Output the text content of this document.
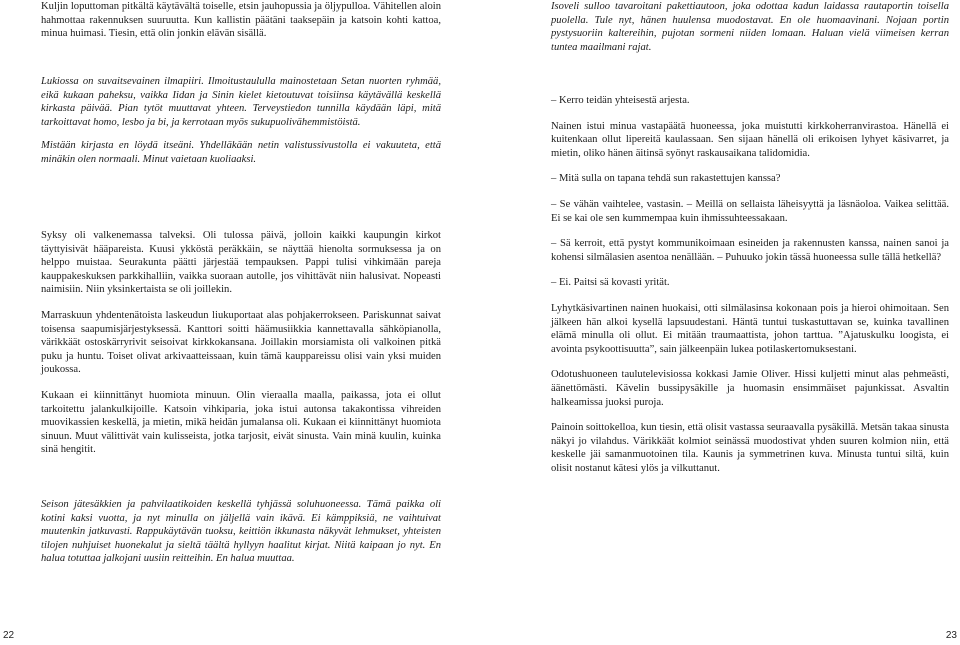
Kuljin loputtoman pitkältä käytävältä toiselle, etsin jauhopussia ja öljypulloa. Vähitellen aloin hahmottaa rakennuksen suuruutta. Kun kallistin päätäni taaksepäin ja katsoin kohti kattoa, minua huimasi. Tiesin, että olin jonkin elävän sisällä.

Lukiossa on suvaitsevainen ilmapiiri. Ilmoitustaululla mainostetaan Setan nuorten ryhmää, eikä kukaan paheksu, vaikka Iidan ja Sinin kielet kietoutuvat toisiinsa käytävällä keskellä kirkasta päivää. Pian tytöt muuttavat yhteen. Terveystiedon tunnilla käydään läpi, mitä tarkoittavat homo, lesbo ja bi, ja kerrotaan myös sukupuolivähemmistöistä.

Mistään kirjasta en löydä itseäni. Yhdelläkään netin valistussivustolla ei vakuuteta, että minäkin olen normaali. Minut vaietaan kuoliaaksi.

Syksy oli valkenemassa talveksi. Oli tulossa päivä, jolloin kaikki kaupungin kirkot täyttyisivät hääpareista. Kuusi ykköstä peräkkäin, se näyttää hienolta sormuksessa ja on helppo muistaa. Seurakunta päätti järjestää tempauksen. Pappi tulisi vihkimään pareja kauppakeskuksen parkkihalliin, vaikka suoraan autolle, jos vihittävät niin halusivat. Nopeasti naimisiin. Niin yksinkertaista se oli joillekin.

Marraskuun yhdentenätoista laskeudun liukuportaat alas pohjakerrokseen. Pariskunnat saivat toisensa saapumisjärjestyksessä. Kanttori soitti häämusiikkia kannettavalla sähköpianolla, värikkäät ostoskärryrivit seisoivat kirkkokansana. Joillakin morsiamista oli valkoinen pitkä puku ja huntu. Toiset olivat arkivaatteissaan, kuin tämä kauppareissu olisi vain yksi muiden joukossa.

Kukaan ei kiinnittänyt huomiota minuun. Olin vieraalla maalla, paikassa, jota ei ollut tarkoitettu jalankulkijoille. Katsoin vihkiparia, joka istui autonsa takakontissa vihreiden muovikassien keskellä, ja mietin, mikä heidän jumalansa oli. Kukaan ei kiinnittänyt huomiota sinuun. Muut välittivät vain kulisseista, jotka tarjosit, eivät sinusta. Vain minä kuulin, kuinka sinä hengitit.

Seison jätesäkkien ja pahvilaatikoiden keskellä tyhjässä soluhuoneessa. Tämä paikka oli kotini kaksi vuotta, ja nyt minulla on jäljellä vain ikävä. Ei kämppiksiä, ne vaihtuivat muutenkin jatkuvasti. Rappukäytävän tuoksu, keittiön ikkunasta näkyvät lehmukset, yhteisten tilojen nuhjuiset huonekalut ja sieltä täältä hyllyyn haalitut kirjat. Niitä kaipaan jo nyt. En halua totuttaa jalkojani uusiin reitteihin. En halua muuttaa.

22

Isoveli sulloo tavaroitani pakettiautoon, joka odottaa kadun laidassa rautaportin toisella puolella. Tule nyt, hänen huulensa muodostavat. En ole huomaavinani. Nojaan portin pystysuoriin kaltereihin, pujotan sormeni niiden lomaan. Haluan vielä viimeisen kerran tuntea maailmani rajat.

– Kerro teidän yhteisestä arjesta.

Nainen istui minua vastapäätä huoneessa, joka muistutti kirkkoherranvirastoa. Hänellä ei kuitenkaan ollut lipereitä kaulassaan. Sen sijaan hänellä oli erikoisen lyhyet käsivarret, ja mietin, oliko hänen äitinsä syönyt raskausaikana talidomidia.

– Mitä sulla on tapana tehdä sun rakastettujen kanssa?

– Se vähän vaihtelee, vastasin. – Meillä on sellaista läheisyyttä ja läsnäoloa. Vaikea selittää. Ei se kai ole sen kummempaa kuin ihmissuhteessakaan.

– Sä kerroit, että pystyt kommunikoimaan esineiden ja rakennusten kanssa, nainen sanoi ja kohensi silmälasien asentoa nenällään. – Puhuuko jokin tässä huoneessa sulle tällä hetkellä?

– Ei. Paitsi sä kovasti yrität.

Lyhytkäsivartinen nainen huokaisi, otti silmälasinsa kokonaan pois ja hieroi ohimoitaan. Sen jälkeen hän alkoi kysellä lapsuudestani. Häntä tuntui tuskastuttavan se, kuinka tavallinen elämä minulla oli ollut. Ei mitään traumaattista, johon tarttua. ”Ajatuskulku loogista, ei avointa psykoottisuutta”, sain jälkeenpäin lukea potilaskertomuksestani.

Odotushuoneen taulutelevisiossa kokkasi Jamie Oliver. Hissi kuljetti minut alas pehmeästi, äänettömästi. Kävelin bussipysäkille ja huomasin ensimmäiset pajunkissat. Asvaltin halkeamissa juoksi puroja.

Painoin soittokelloa, kun tiesin, että olisit vastassa seuraavalla pysäkillä. Metsän takaa sinusta näkyi jo vilahdus. Värikkäät kolmiot seinässä muodostivat yhden suuren kolmion niin, että keskelle jäi samanmuotoinen tila. Kaunis ja symmetrinen kuva. Minusta tuntui siltä, kuin olisit nostanut kätesi ylös ja vilkuttanut.

23
